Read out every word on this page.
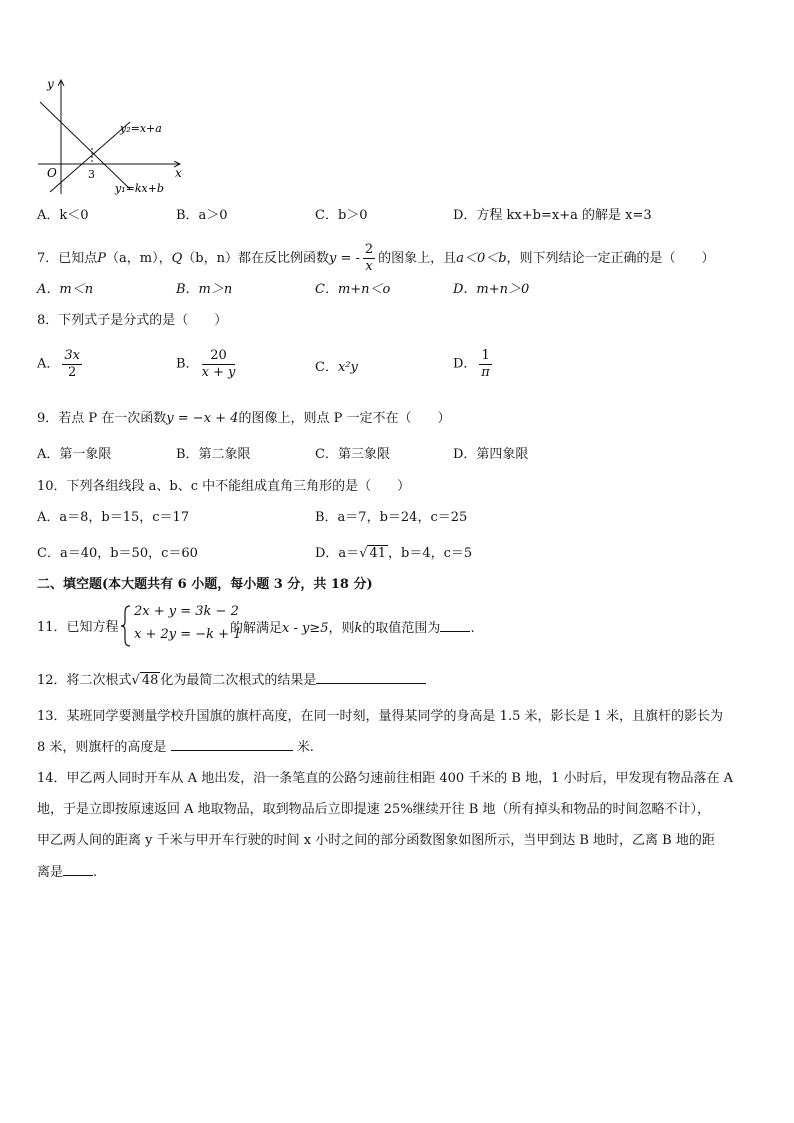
y
x
O	3
y₂=x+a
y₁=kx+b
A．k＜0	B．a＞0	C．b＞0	D．方程 kx+b=x+a 的解是 x=3
7．已知点P（a，m），Q（b，n）都在反比例函数y = - $\frac{2}{x}$ 的图象上，且a＜0＜b，则下列结论一定正确的是（　　）
A．m＜n	B．m＞n	C．m+n＜o	D．m+n＞0
8．下列式子是分式的是（　　）
A． $\frac{3x}{2}$	B． $\frac{20}{x + y}$	C．x²y	D． $\frac{1}{\pi}$
9．若点 P 在一次函数y = −x + 4的图像上，则点 P 一定不在（　　）
A．第一象限	B．第二象限	C．第三象限	D．第四象限
10．下列各组线段 a、b、c 中不能组成直角三角形的是（　　）
A．a＝8，b＝15，c＝17	B．a＝7，b＝24，c＝25
C．a＝40，b＝50，c＝60	D．a＝√ 41 ，b＝4，c＝5
二、填空题(本大题共有 6 小题，每小题 3 分，共 18 分)
11．已知方程
2x + y = 3k − 2
x + 2y = −k + 1
的解满足x - y≥5，则k的取值范围为 .
12．将二次根式√ 48 化为最简二次根式的结果是
13．某班同学要测量学校升国旗的旗杆高度，在同一时刻，量得某同学的身高是 1.5 米，影长是 1 米，且旗杆的影长为
8 米，则旗杆的高度是	米.
14．甲乙两人同时开车从 A 地出发，沿一条笔直的公路匀速前往相距 400 千米的 B 地，1 小时后，甲发现有物品落在 A
地，于是立即按原速返回 A 地取物品，取到物品后立即提速 25%继续开往 B 地（所有掉头和物品的时间忽略不计），
甲乙两人间的距离 y 千米与甲开车行驶的时间 x 小时之间的部分函数图象如图所示，当甲到达 B 地时，乙离 B 地的距
离是 .
